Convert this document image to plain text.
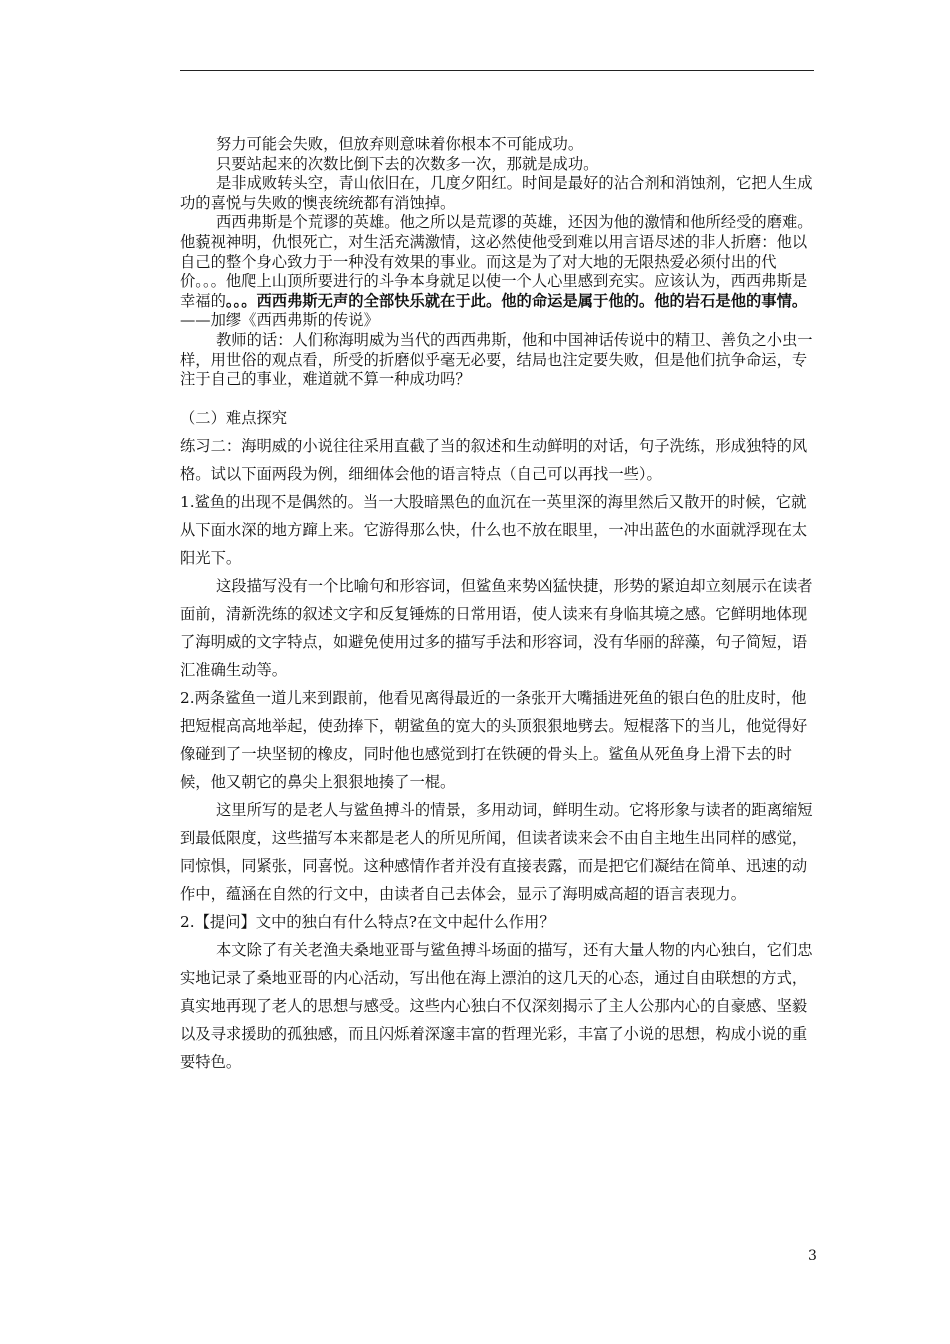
努力可能会失败，但放弃则意味着你根本不可能成功。

只要站起来的次数比倒下去的次数多一次，那就是成功。

是非成败转头空，青山依旧在，几度夕阳红。时间是最好的沾合剂和消蚀剂，它把人生成功的喜悦与失败的懊丧统统都有消蚀掉。

西西弗斯是个荒谬的英雄。他之所以是荒谬的英雄，还因为他的激情和他所经受的磨难。他藐视神明，仇恨死亡，对生活充满激情，这必然使他受到难以用言语尽述的非人折磨：他以自己的整个身心致力于一种没有效果的事业。而这是为了对大地的无限热爱必须付出的代价。。。他爬上山顶所要进行的斗争本身就足以使一个人心里感到充实。应该认为，西西弗斯是幸福的。。。西西弗斯无声的全部快乐就在于此。他的命运是属于他的。他的岩石是他的事情。——加缪《西西弗斯的传说》

教师的话：人们称海明威为当代的西西弗斯，他和中国神话传说中的精卫、善负之小虫一样，用世俗的观点看，所受的折磨似乎毫无必要，结局也注定要失败，但是他们抗争命运，专注于自己的事业，难道就不算一种成功吗？

（二）难点探究

练习二：海明威的小说往往采用直截了当的叙述和生动鲜明的对话，句子洗练，形成独特的风格。试以下面两段为例，细细体会他的语言特点（自己可以再找一些）。

1.鲨鱼的出现不是偶然的。当一大股暗黑色的血沉在一英里深的海里然后又散开的时候，它就从下面水深的地方蹿上来。它游得那么快，什么也不放在眼里，一冲出蓝色的水面就浮现在太阳光下。

这段描写没有一个比喻句和形容词，但鲨鱼来势凶猛快捷，形势的紧迫却立刻展示在读者面前，清新洗练的叙述文字和反复锤炼的日常用语，使人读来有身临其境之感。它鲜明地体现了海明威的文字特点，如避免使用过多的描写手法和形容词，没有华丽的辞藻，句子简短，语汇准确生动等。

2.两条鲨鱼一道儿来到跟前，他看见离得最近的一条张开大嘴插进死鱼的银白色的肚皮时，他把短棍高高地举起，使劲捧下，朝鲨鱼的宽大的头顶狠狠地劈去。短棍落下的当儿，他觉得好像碰到了一块坚韧的橡皮，同时他也感觉到打在铁硬的骨头上。鲨鱼从死鱼身上滑下去的时候，他又朝它的鼻尖上狠狠地揍了一棍。

这里所写的是老人与鲨鱼搏斗的情景，多用动词，鲜明生动。它将形象与读者的距离缩短到最低限度，这些描写本来都是老人的所见所闻，但读者读来会不由自主地生出同样的感觉，同惊惧，同紧张，同喜悦。这种感情作者并没有直接表露，而是把它们凝结在简单、迅速的动作中，蕴涵在自然的行文中，由读者自己去体会，显示了海明威高超的语言表现力。

2.【提问】文中的独白有什么特点?在文中起什么作用？

本文除了有关老渔夫桑地亚哥与鲨鱼搏斗场面的描写，还有大量人物的内心独白，它们忠实地记录了桑地亚哥的内心活动，写出他在海上漂泊的这几天的心态，通过自由联想的方式，真实地再现了老人的思想与感受。这些内心独白不仅深刻揭示了主人公那内心的自豪感、坚毅以及寻求援助的孤独感，而且闪烁着深邃丰富的哲理光彩，丰富了小说的思想，构成小说的重要特色。

3
